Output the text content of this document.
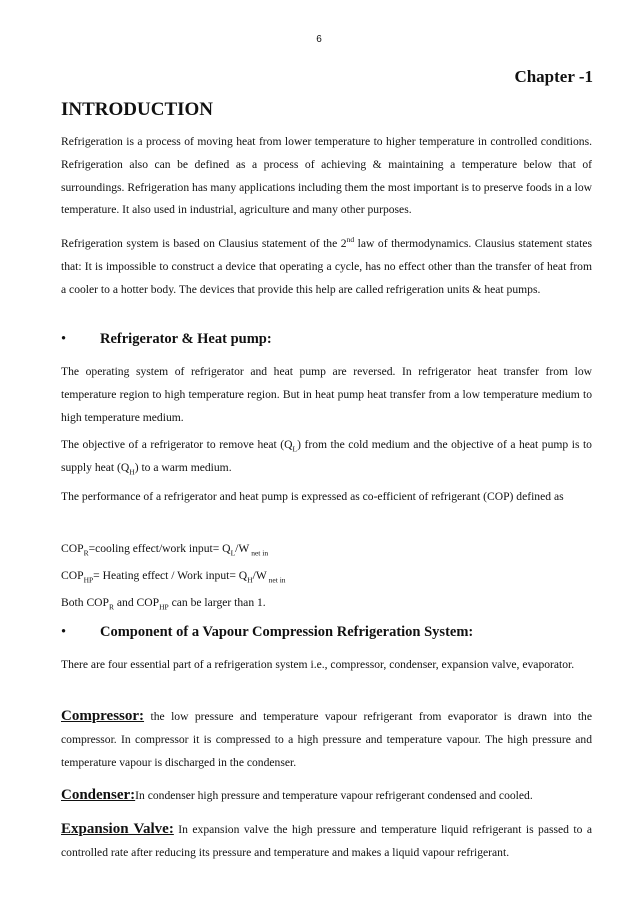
6
Chapter -1
INTRODUCTION

Refrigeration is a process of moving heat from lower temperature to higher temperature in controlled conditions. Refrigeration also can be defined as a process of achieving & maintaining a temperature below that of surroundings. Refrigeration has many applications including them the most important is to preserve foods in a low temperature. It also used in industrial, agriculture and many other purposes.

Refrigeration system is based on Clausius statement of the 2nd law of thermodynamics. Clausius statement states that: It is impossible to construct a device that operating a cycle, has no effect other than the transfer of heat from a cooler to a hotter body. The devices that provide this help are called refrigeration units & heat pumps.

• Refrigerator & Heat pump:

The operating system of refrigerator and heat pump are reversed. In refrigerator heat transfer from low temperature region to high temperature region. But in heat pump heat transfer from a low temperature medium to high temperature medium.

The objective of a refrigerator to remove heat $(Q_L)$ from the cold medium and the objective of a heat pump is to supply heat $(Q_H)$ to a warm medium.

The performance of a refrigerator and heat pump is expressed as co-efficient of refrigerant (COP) defined as

$COP_R=cooling$ effect/work input= $Q_L/W$ $_{net in}$

$COP_{HP}=$ Heating effect / Work input= $Q_H/W$ $_{net in}$

Both $COP_R$ and $COP_{HP}$ can be larger than 1.

• Component of a Vapour Compression Refrigeration System:

There are four essential part of a refrigeration system i.e., compressor, condenser, expansion valve, evaporator.

Compressor: the low pressure and temperature vapour refrigerant from evaporator is drawn into the compressor. In compressor it is compressed to a high pressure and temperature vapour. The high pressure and temperature vapour is discharged in the condenser.

Condenser:In condenser high pressure and temperature vapour refrigerant condensed and cooled.

Expansion Valve: In expansion valve the high pressure and temperature liquid refrigerant is passed to a controlled rate after reducing its pressure and temperature and makes a liquid vapour refrigerant.
